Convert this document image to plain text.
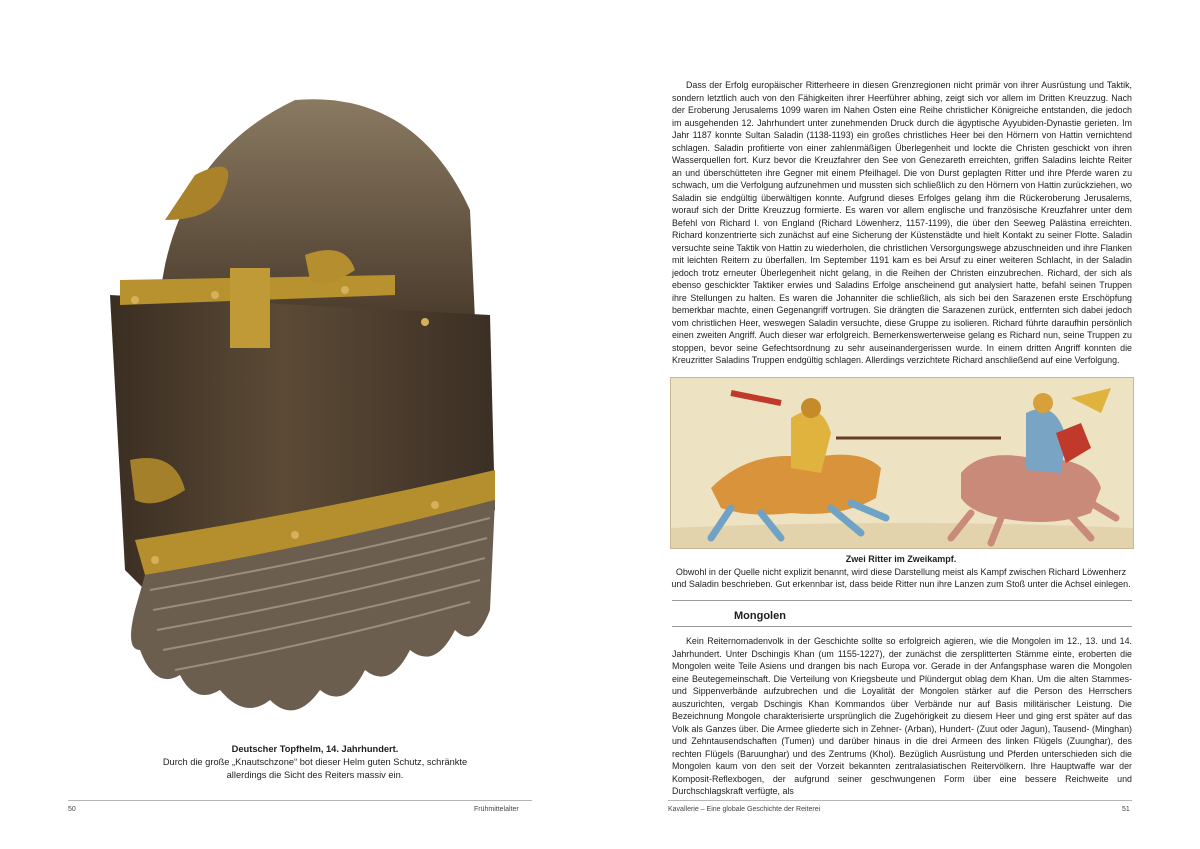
Deutscher Topfhelm, 14. Jahrhundert.
Durch die große „Knautschzone“ bot dieser Helm guten Schutz, schränkte allerdings die Sicht des Reiters massiv ein.
50	Frühmittelalter

Dass der Erfolg europäischer Ritterheere in diesen Grenzregionen nicht primär von ihrer Ausrüstung und Taktik, sondern letztlich auch von den Fähigkeiten ihrer Heerführer abhing, zeigt sich vor allem im Dritten Kreuzzug. Nach der Eroberung Jerusalems 1099 waren im Nahen Osten eine Reihe christlicher Königreiche entstanden, die jedoch im ausgehenden 12. Jahrhundert unter zunehmenden Druck durch die ägyptische Ayyubiden-Dynastie gerieten. Im Jahr 1187 konnte Sultan Saladin (1138-1193) ein großes christliches Heer bei den Hörnern von Hattin vernichtend schlagen. Saladin profitierte von einer zahlenmäßigen Überlegenheit und lockte die Christen geschickt von ihren Wasserquellen fort. Kurz bevor die Kreuzfahrer den See von Genezareth erreichten, griffen Saladins leichte Reiter an und überschütteten ihre Gegner mit einem Pfeilhagel. Die von Durst geplagten Ritter und ihre Pferde waren zu schwach, um die Verfolgung aufzunehmen und mussten sich schließlich zu den Hörnern von Hattin zurückziehen, wo Saladin sie endgültig überwältigen konnte. Aufgrund dieses Erfolges gelang ihm die Rückeroberung Jerusalems, worauf sich der Dritte Kreuzzug formierte. Es waren vor allem englische und französische Kreuzfahrer unter dem Befehl von Richard I. von England (Richard Löwenherz, 1157-1199), die über den Seeweg Palästina erreichten. Richard konzentrierte sich zunächst auf eine Sicherung der Küstenstädte und hielt Kontakt zu seiner Flotte. Saladin versuchte seine Taktik von Hattin zu wiederholen, die christlichen Versorgungswege abzuschneiden und ihre Flanken mit leichten Reitern zu überfallen. Im September 1191 kam es bei Arsuf zu einer weiteren Schlacht, in der Saladin jedoch trotz erneuter Überlegenheit nicht gelang, in die Reihen der Christen einzubrechen. Richard, der sich als ebenso geschickter Taktiker erwies und Saladins Erfolge anscheinend gut analysiert hatte, befahl seinen Truppen ihre Stellungen zu halten. Es waren die Johanniter die schließlich, als sich bei den Sarazenen erste Erschöpfung bemerkbar machte, einen Gegenangriff vortrugen. Sie drängten die Sarazenen zurück, entfernten sich dabei jedoch vom christlichen Heer, weswegen Saladin versuchte, diese Gruppe zu isolieren. Richard führte daraufhin persönlich einen zweiten Angriff. Auch dieser war erfolgreich. Bemerkenswerterweise gelang es Richard nun, seine Truppen zu stoppen, bevor seine Gefechtsordnung zu sehr auseinandergerissen wurde. In einem dritten Angriff konnten die Kreuzritter Saladins Truppen endgültig schlagen. Allerdings verzichtete Richard anschließend auf eine Verfolgung.

Zwei Ritter im Zweikampf.
Obwohl in der Quelle nicht explizit benannt, wird diese Darstellung meist als Kampf zwischen Richard Löwenherz und Saladin beschrieben. Gut erkennbar ist, dass beide Ritter nun ihre Lanzen zum Stoß unter die Achsel einlegen.
Mongolen

Kein Reiternomadenvolk in der Geschichte sollte so erfolgreich agieren, wie die Mongolen im 12., 13. und 14. Jahrhundert. Unter Dschingis Khan (um 1155-1227), der zunächst die zersplitterten Stämme einte, eroberten die Mongolen weite Teile Asiens und drangen bis nach Europa vor. Gerade in der Anfangsphase waren die Mongolen eine Beutegemeinschaft. Die Verteilung von Kriegsbeute und Plündergut oblag dem Khan. Um die alten Stammes- und Sippenverbände aufzubrechen und die Loyalität der Mongolen stärker auf die Person des Herrschers auszurichten, vergab Dschingis Khan Kommandos über Verbände nur auf Basis militärischer Leistung. Die Bezeichnung Mongole charakterisierte ursprünglich die Zugehörigkeit zu diesem Heer und ging erst später auf das Volk als Ganzes über. Die Armee gliederte sich in Zehner- (Arban), Hundert- (Zuut oder Jagun), Tausend- (Minghan) und Zehntausendschaften (Tumen) und darüber hinaus in die drei Armeen des linken Flügels (Zuunghar), des rechten Flügels (Baruunghar) und des Zentrums (Khol). Bezüglich Ausrüstung und Pferden unterschieden sich die Mongolen kaum von den seit der Vorzeit bekannten zentralasiatischen Reitervölkern. Ihre Hauptwaffe war der Komposit-Reflexbogen, der aufgrund seiner geschwungenen Form über eine bessere Reichweite und Durchschlagskraft verfügte, als

Kavallerie – Eine globale Geschichte der Reiterei	51
